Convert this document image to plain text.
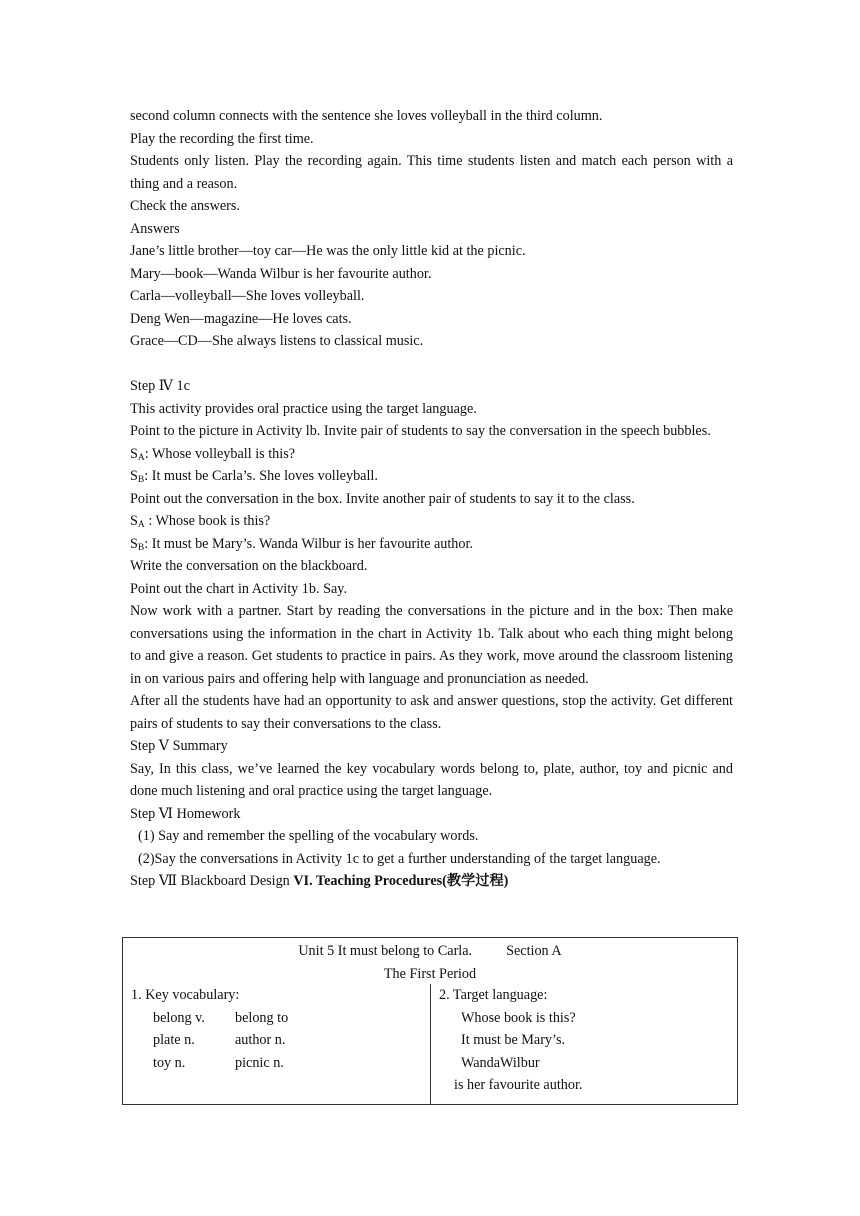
second column connects with the sentence she loves volleyball in the third column.

Play the recording the first time.

Students only listen. Play the recording again. This time students listen and match each person with a thing and a reason.

Check the answers.

Answers

Jane’s little brother—toy car—He was the only little kid at the picnic.

Mary—book—Wanda Wilbur is her favourite author.

Carla—volleyball—She loves volleyball.

Deng Wen—magazine—He loves cats.

Grace—CD—She always listens to classical music.

Step Ⅳ 1c

This activity provides oral practice using the target language.

Point to the picture in Activity lb. Invite pair of students to say the conversation in the speech bubbles.

$S_A$: Whose volleyball is this?

$S_B$: It must be Carla’s. She loves volleyball.

Point out the conversation in the box. Invite another pair of students to say it to the class.

$S_A$ : Whose book is this?

$S_B$: It must be Mary’s. Wanda Wilbur is her favourite author.

Write the conversation on the blackboard.

Point out the chart in Activity 1b. Say.

Now work with a partner. Start by reading the conversations in the picture and in the box: Then make conversations using the information in the chart in Activity 1b. Talk about who each thing might belong to and give a reason. Get students to practice in pairs. As they work, move around the classroom listening in on various pairs and offering help with language and pronunciation as needed.

After all the students have had an opportunity to ask and answer questions, stop the activity. Get different pairs of students to say their conversations to the class.

Step Ⅴ Summary

Say, In this class, we’ve learned the key vocabulary words belong to, plate, author, toy and picnic and done much listening and oral practice using the target language.

Step Ⅵ Homework

(1) Say and remember the spelling of the vocabulary words.

(2)Say the conversations in Activity 1c to get a further understanding of the target language.

Step Ⅶ Blackboard Design VI. Teaching Procedures(教学过程)

Unit 5 It must belong to Carla. Section A
The First Period
1. Key vocabulary:
belong v. belong to
plate n.	author n.
toy n.	picnic n.
2. Target language:
Whose book is this?
It must be Mary’s.
WandaWilbur
is her favourite author.
